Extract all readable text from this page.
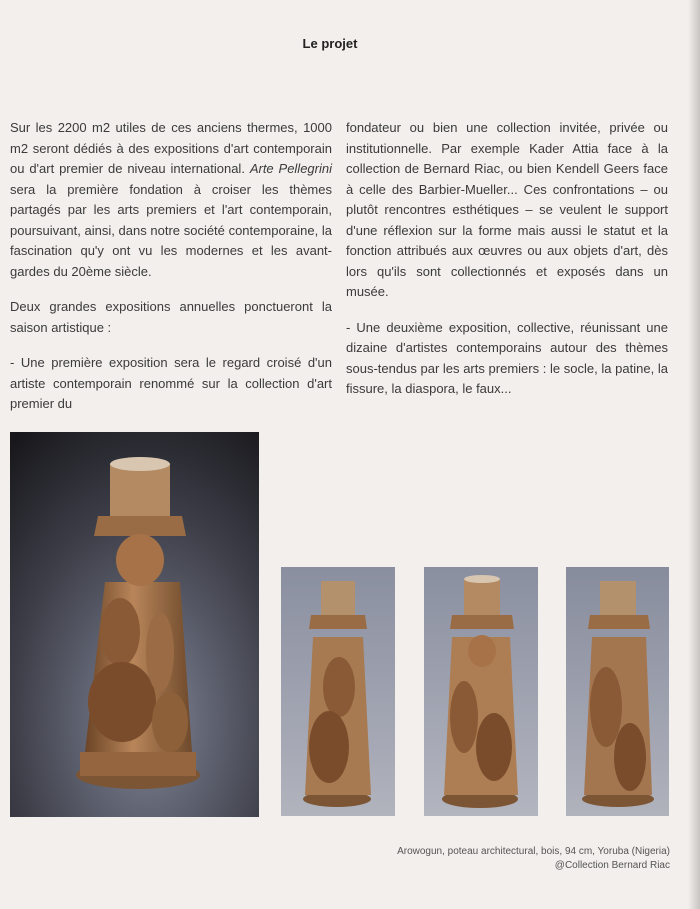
Le projet

Sur les 2200 m2 utiles de ces anciens thermes, 1000 m2 seront dédiés à des expositions d'art contemporain ou d'art premier de niveau international. Arte Pellegrini sera la première fondation à croiser les thèmes partagés par les arts premiers et l'art contemporain, poursuivant, ainsi, dans notre société contemporaine, la fascination qu'y ont vu les modernes et les avant-gardes du 20ème siècle.

Deux grandes expositions annuelles ponctueront la saison artistique :

- Une première exposition sera le regard croisé d'un artiste contemporain renommé sur la collection d'art premier du

fondateur ou bien une collection invitée, privée ou institutionnelle. Par exemple Kader Attia face à la collection de Bernard Riac, ou bien Kendell Geers face à celle des Barbier-Mueller... Ces confrontations – ou plutôt rencontres esthétiques – se veulent le support d'une réflexion sur la forme mais aussi le statut et la fonction attribués aux œuvres ou aux objets d'art, dès lors qu'ils sont collectionnés et exposés dans un musée.

- Une deuxième exposition, collective, réunissant une dizaine d'artistes contemporains autour des thèmes sous-tendus par les arts premiers : le socle, la patine, la fissure, la diaspora, le faux...

Arowogun, poteau architectural, bois, 94 cm, Yoruba (Nigeria)
@Collection Bernard Riac
